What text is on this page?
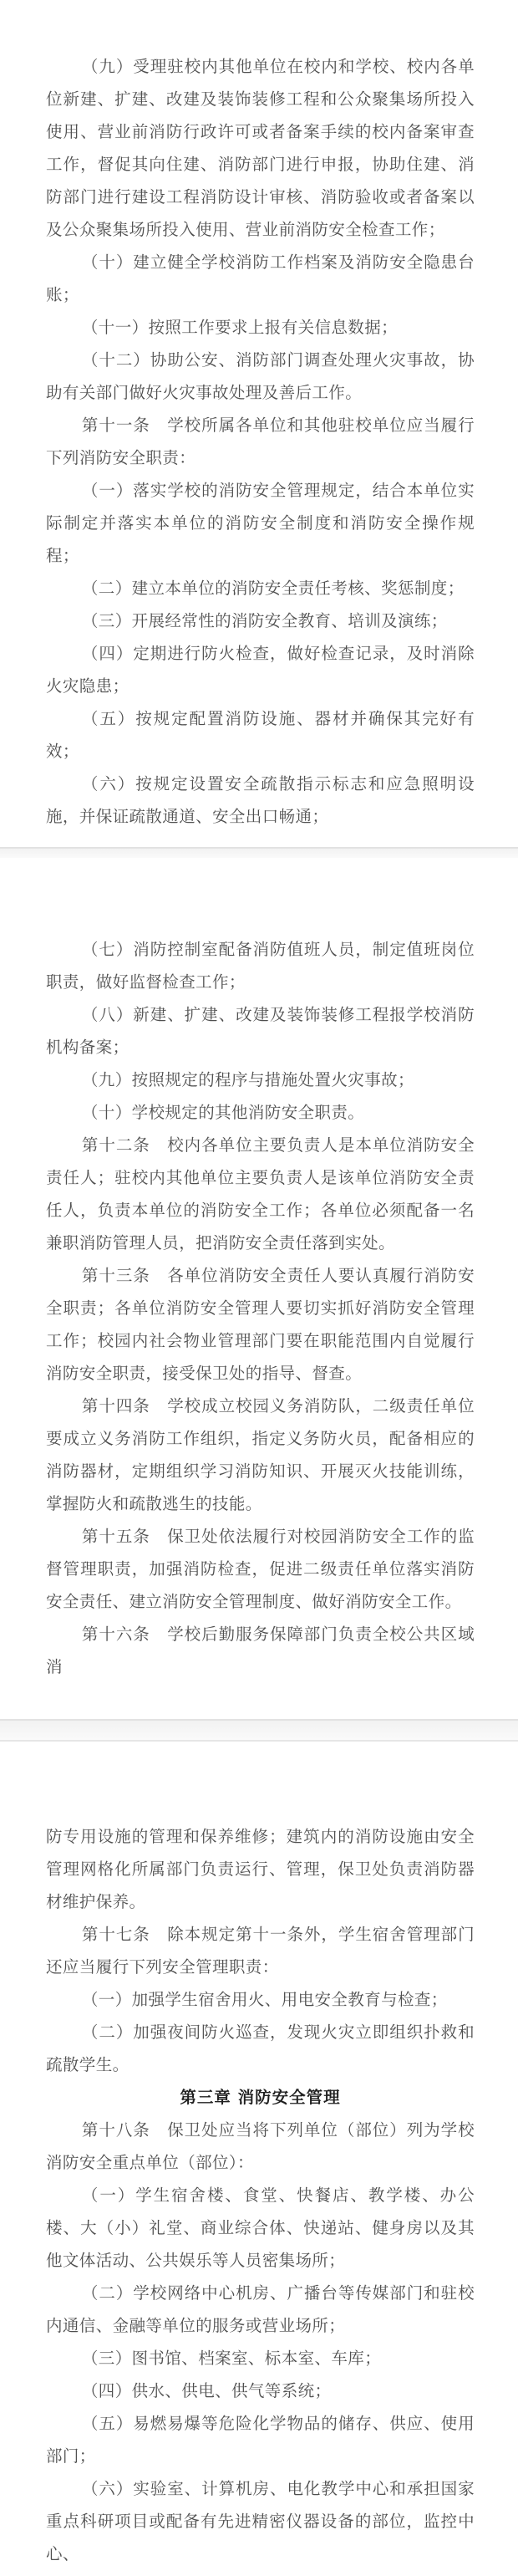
（九）受理驻校内其他单位在校内和学校、校内各单位新建、扩建、改建及装饰装修工程和公众聚集场所投入使用、营业前消防行政许可或者备案手续的校内备案审查工作，督促其向住建、消防部门进行申报，协助住建、消防部门进行建设工程消防设计审核、消防验收或者备案以及公众聚集场所投入使用、营业前消防安全检查工作；

（十）建立健全学校消防工作档案及消防安全隐患台账；

（十一）按照工作要求上报有关信息数据；

（十二）协助公安、消防部门调查处理火灾事故，协助有关部门做好火灾事故处理及善后工作。

第十一条　学校所属各单位和其他驻校单位应当履行下列消防安全职责：

（一）落实学校的消防安全管理规定，结合本单位实际制定并落实本单位的消防安全制度和消防安全操作规程；

（二）建立本单位的消防安全责任考核、奖惩制度；

（三）开展经常性的消防安全教育、培训及演练；

（四）定期进行防火检查，做好检查记录，及时消除火灾隐患；

（五）按规定配置消防设施、器材并确保其完好有效；

（六）按规定设置安全疏散指示标志和应急照明设施，并保证疏散通道、安全出口畅通；

（七）消防控制室配备消防值班人员，制定值班岗位职责，做好监督检查工作；

（八）新建、扩建、改建及装饰装修工程报学校消防机构备案；

（九）按照规定的程序与措施处置火灾事故；

（十）学校规定的其他消防安全职责。

第十二条　校内各单位主要负责人是本单位消防安全责任人；驻校内其他单位主要负责人是该单位消防安全责任人，负责本单位的消防安全工作；各单位必须配备一名兼职消防管理人员，把消防安全责任落到实处。

第十三条　各单位消防安全责任人要认真履行消防安全职责；各单位消防安全管理人要切实抓好消防安全管理工作；校园内社会物业管理部门要在职能范围内自觉履行消防安全职责，接受保卫处的指导、督查。

第十四条　学校成立校园义务消防队，二级责任单位要成立义务消防工作组织，指定义务防火员，配备相应的消防器材，定期组织学习消防知识、开展灭火技能训练，掌握防火和疏散逃生的技能。

第十五条　保卫处依法履行对校园消防安全工作的监督管理职责，加强消防检查，促进二级责任单位落实消防安全责任、建立消防安全管理制度、做好消防安全工作。

第十六条　学校后勤服务保障部门负责全校公共区域消

防专用设施的管理和保养维修；建筑内的消防设施由安全管理网格化所属部门负责运行、管理，保卫处负责消防器材维护保养。

第十七条　除本规定第十一条外，学生宿舍管理部门还应当履行下列安全管理职责：

（一）加强学生宿舍用火、用电安全教育与检查；

（二）加强夜间防火巡查，发现火灾立即组织扑救和疏散学生。

第三章 消防安全管理

第十八条　保卫处应当将下列单位（部位）列为学校消防安全重点单位（部位）：

（一）学生宿舍楼、食堂、快餐店、教学楼、办公楼、大（小）礼堂、商业综合体、快递站、健身房以及其他文体活动、公共娱乐等人员密集场所；

（二）学校网络中心机房、广播台等传媒部门和驻校内通信、金融等单位的服务或营业场所；

（三）图书馆、档案室、标本室、车库；

（四）供水、供电、供气等系统；

（五）易燃易爆等危险化学物品的储存、供应、使用部门；

（六）实验室、计算机房、电化教学中心和承担国家重点科研项目或配备有先进精密仪器设备的部位，监控中心、
